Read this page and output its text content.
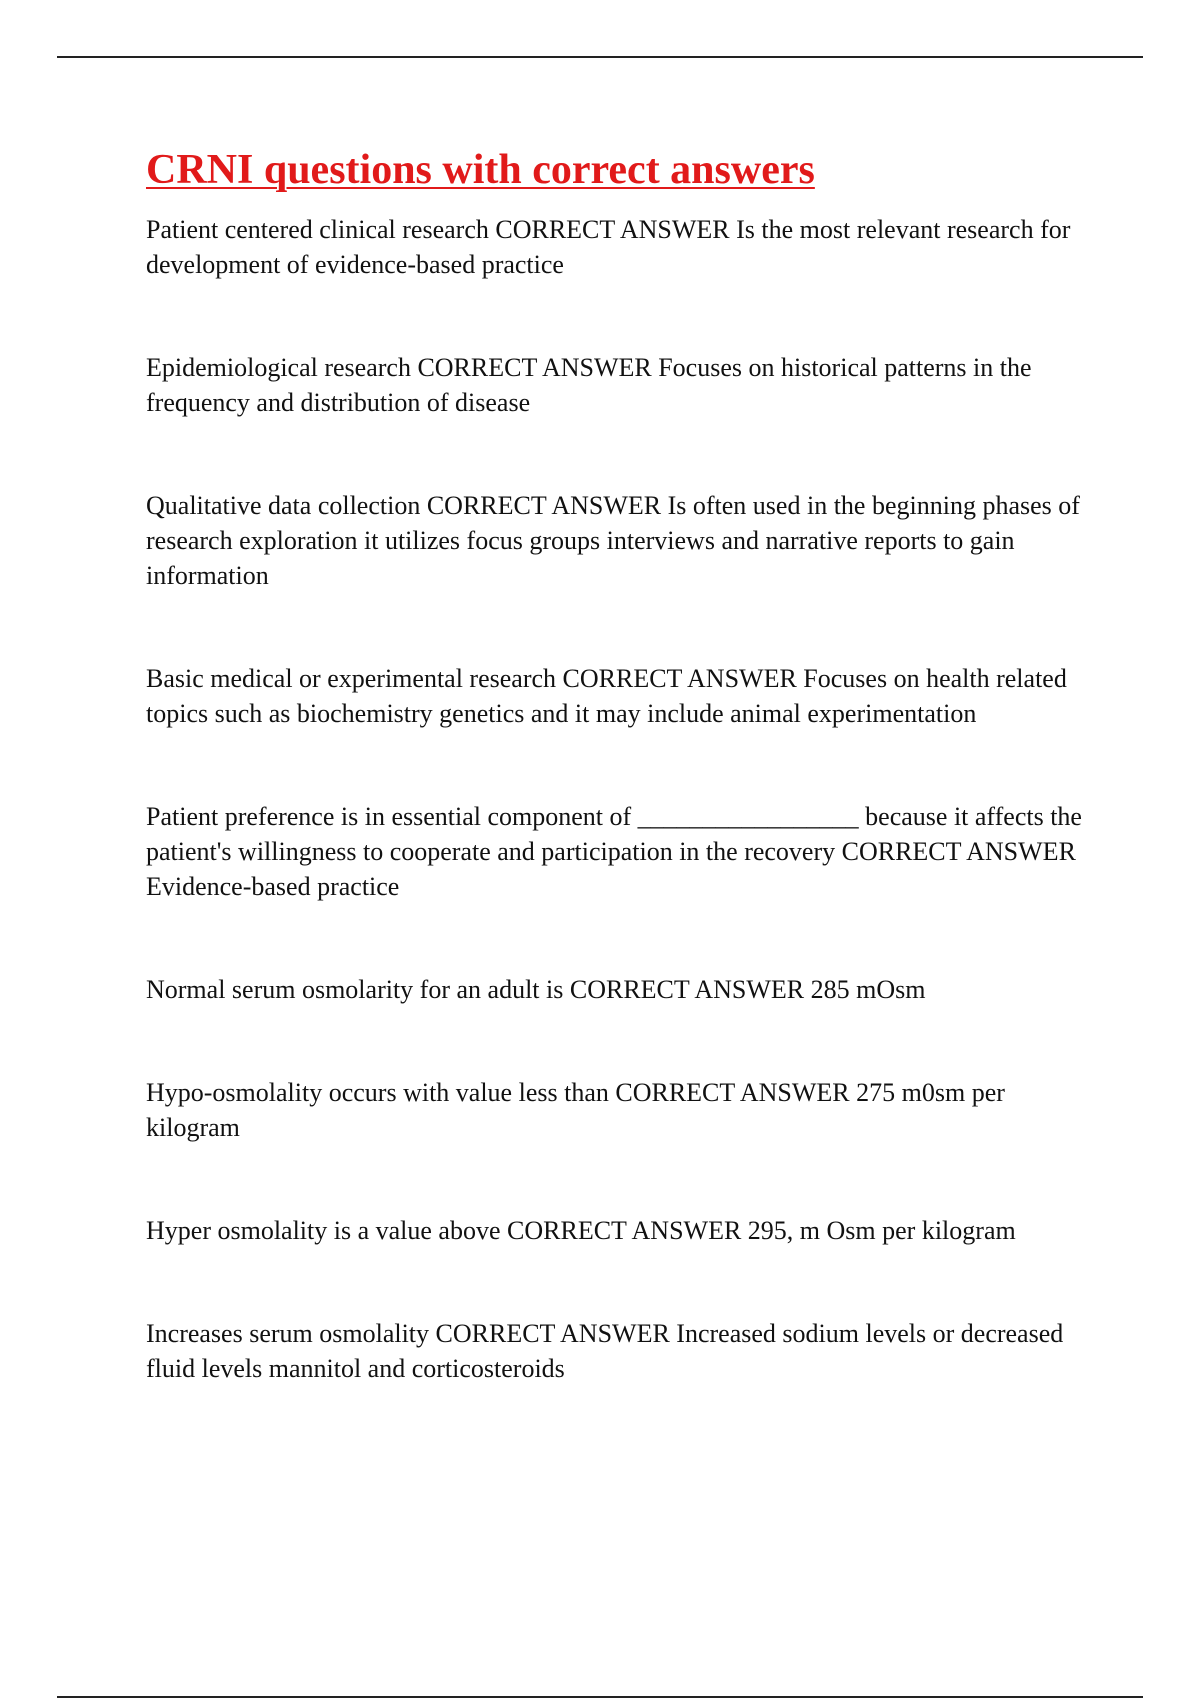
CRNI questions with correct answers
Patient centered clinical research CORRECT ANSWER Is the most relevant research for development of evidence-based practice
Epidemiological research CORRECT ANSWER Focuses on historical patterns in the frequency and distribution of disease
Qualitative data collection CORRECT ANSWER Is often used in the beginning phases of research exploration it utilizes focus groups interviews and narrative reports to gain information
Basic medical or experimental research CORRECT ANSWER Focuses on health related topics such as biochemistry genetics and it may include animal experimentation
Patient preference is in essential component of _________________ because it affects the patient's willingness to cooperate and participation in the recovery CORRECT ANSWER Evidence-based practice
Normal serum osmolarity for an adult is CORRECT ANSWER 285 mOsm
Hypo-osmolality occurs with value less than CORRECT ANSWER 275 m0sm per kilogram
Hyper osmolality is a value above CORRECT ANSWER 295, m Osm per kilogram
Increases serum osmolality CORRECT ANSWER Increased sodium levels or decreased fluid levels mannitol and corticosteroids
